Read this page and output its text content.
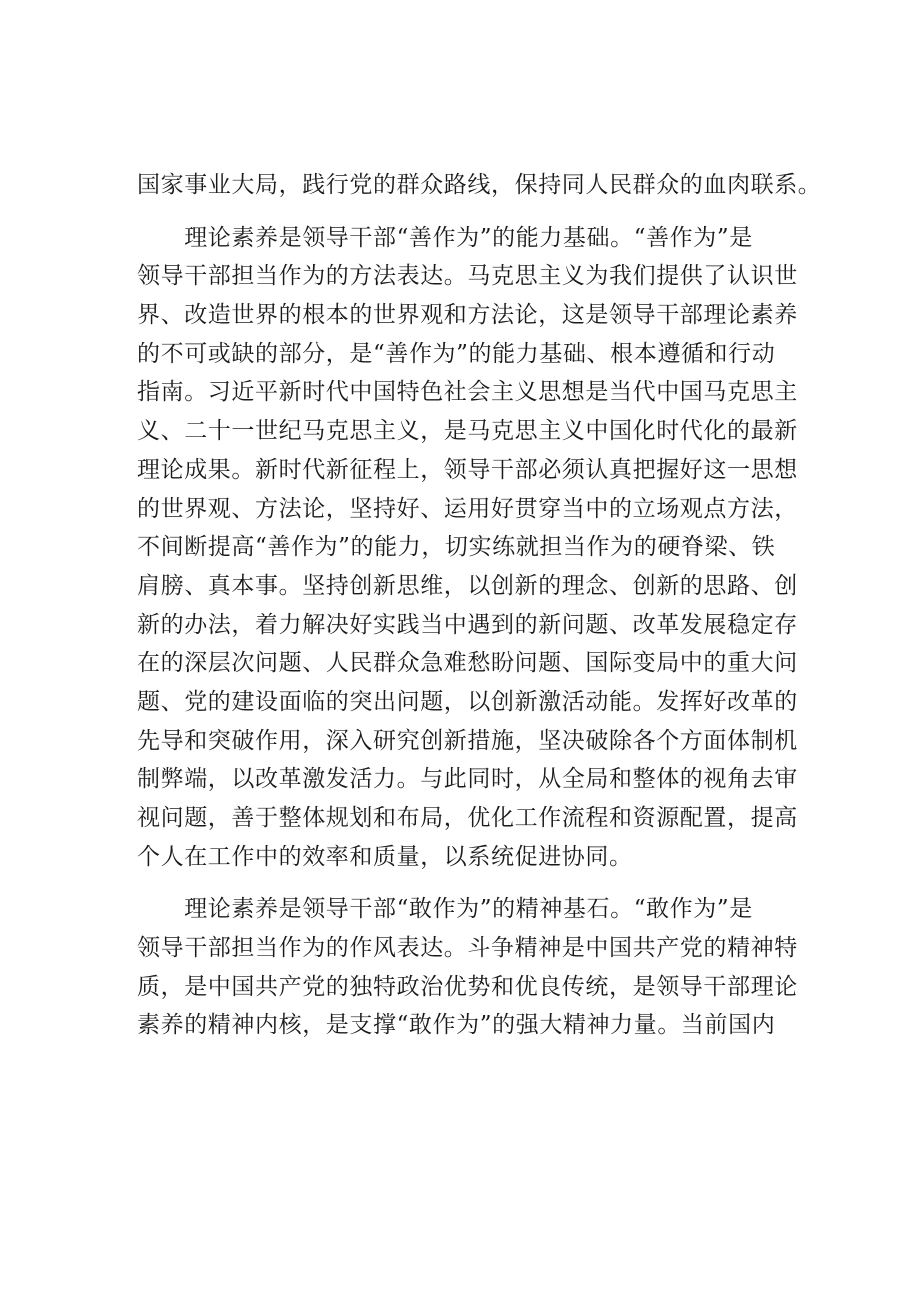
国家事业大局，践行党的群众路线，保持同人民群众的血肉联系。
　　理论素养是领导干部“善作为”的能力基础。“善作为”是
领导干部担当作为的方法表达。马克思主义为我们提供了认识世
界、改造世界的根本的世界观和方法论，这是领导干部理论素养
的不可或缺的部分，是“善作为”的能力基础、根本遵循和行动
指南。习近平新时代中国特色社会主义思想是当代中国马克思主
义、二十一世纪马克思主义，是马克思主义中国化时代化的最新
理论成果。新时代新征程上，领导干部必须认真把握好这一思想
的世界观、方法论，坚持好、运用好贯穿当中的立场观点方法，
不间断提高“善作为”的能力，切实练就担当作为的硬脊梁、铁
肩膀、真本事。坚持创新思维，以创新的理念、创新的思路、创
新的办法，着力解决好实践当中遇到的新问题、改革发展稳定存
在的深层次问题、人民群众急难愁盼问题、国际变局中的重大问
题、党的建设面临的突出问题，以创新激活动能。发挥好改革的
先导和突破作用，深入研究创新措施，坚决破除各个方面体制机
制弊端，以改革激发活力。与此同时，从全局和整体的视角去审
视问题，善于整体规划和布局，优化工作流程和资源配置，提高
个人在工作中的效率和质量，以系统促进协同。
　　理论素养是领导干部“敢作为”的精神基石。“敢作为”是
领导干部担当作为的作风表达。斗争精神是中国共产党的精神特
质，是中国共产党的独特政治优势和优良传统，是领导干部理论
素养的精神内核，是支撑“敢作为”的强大精神力量。当前国内
